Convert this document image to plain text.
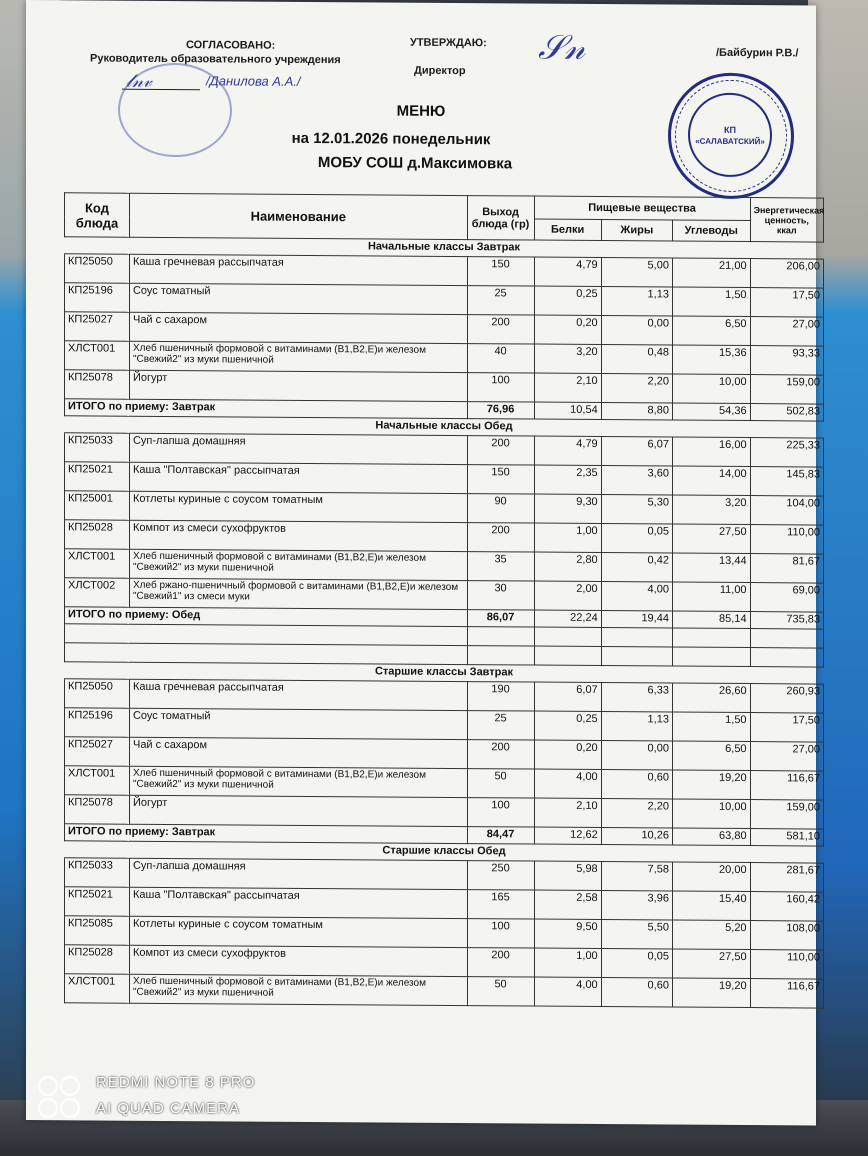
СОГЛАСОВАНО:
Руководитель образовательного учреждения
𝓁𝓃𝓋	/Данилова А.А./
УТВЕРЖДАЮ:
Директор
𝒮𝓃	/Байбурин Р.В./
КП
«САЛАВАТСКИЙ»
МЕНЮ
на 12.01.2026 понедельник
МОБУ СОШ д.Максимовка
Код блюда	Наименование	Выход блюда (гр)	Пищевые вещества			Энергетическая ценность, ккал
			Белки	Жиры	Углеводы	
Начальные классы Завтрак						
КП25050	Каша гречневая рассыпчатая	150	4,79	5,00	21,00	206,00
КП25196	Соус томатный	25	0,25	1,13	1,50	17,50
КП25027	Чай с сахаром	200	0,20	0,00	6,50	27,00
ХЛСТ001	Хлеб пшеничный формовой с витаминами (В1,В2,Е)и железом "Свежий2" из муки пшеничной	40	3,20	0,48	15,36	93,33
КП25078	Йогурт	100	2,10	2,20	10,00	159,00
ИТОГО по приему: Завтрак		76,96	10,54	8,80	54,36	502,83
Начальные классы Обед						
КП25033	Суп-лапша домашняя	200	4,79	6,07	16,00	225,33
КП25021	Каша "Полтавская" рассыпчатая	150	2,35	3,60	14,00	145,83
КП25001	Котлеты куриные с соусом томатным	90	9,30	5,30	3,20	104,00
КП25028	Компот из смеси сухофруктов	200	1,00	0,05	27,50	110,00
ХЛСТ001	Хлеб пшеничный формовой с витаминами (В1,В2,Е)и железом "Свежий2" из муки пшеничной	35	2,80	0,42	13,44	81,67
ХЛСТ002	Хлеб ржано-пшеничный формовой с витаминами (В1,В2,Е)и железом "Свежий1" из смеси муки	30	2,00	4,00	11,00	69,00
ИТОГО по приему: Обед		86,07	22,24	19,44	85,14	735,83

Старшие классы Завтрак						
КП25050	Каша гречневая рассыпчатая	190	6,07	6,33	26,60	260,93
КП25196	Соус томатный	25	0,25	1,13	1,50	17,50
КП25027	Чай с сахаром	200	0,20	0,00	6,50	27,00
ХЛСТ001	Хлеб пшеничный формовой с витаминами (В1,В2,Е)и железом "Свежий2" из муки пшеничной	50	4,00	0,60	19,20	116,67
КП25078	Йогурт	100	2,10	2,20	10,00	159,00
ИТОГО по приему: Завтрак		84,47	12,62	10,26	63,80	581,10
Старшие классы Обед						
КП25033	Суп-лапша домашняя	250	5,98	7,58	20,00	281,67
КП25021	Каша "Полтавская" рассыпчатая	165	2,58	3,96	15,40	160,42
КП25085	Котлеты куриные с соусом томатным	100	9,50	5,50	5,20	108,00
КП25028	Компот из смеси сухофруктов	200	1,00	0,05	27,50	110,00
ХЛСТ001	Хлеб пшеничный формовой с витаминами (В1,В2,Е)и железом "Свежий2" из муки пшеничной	50	4,00	0,60	19,20	116,67
REDMI NOTE 8 PRO
AI QUAD CAMERA
